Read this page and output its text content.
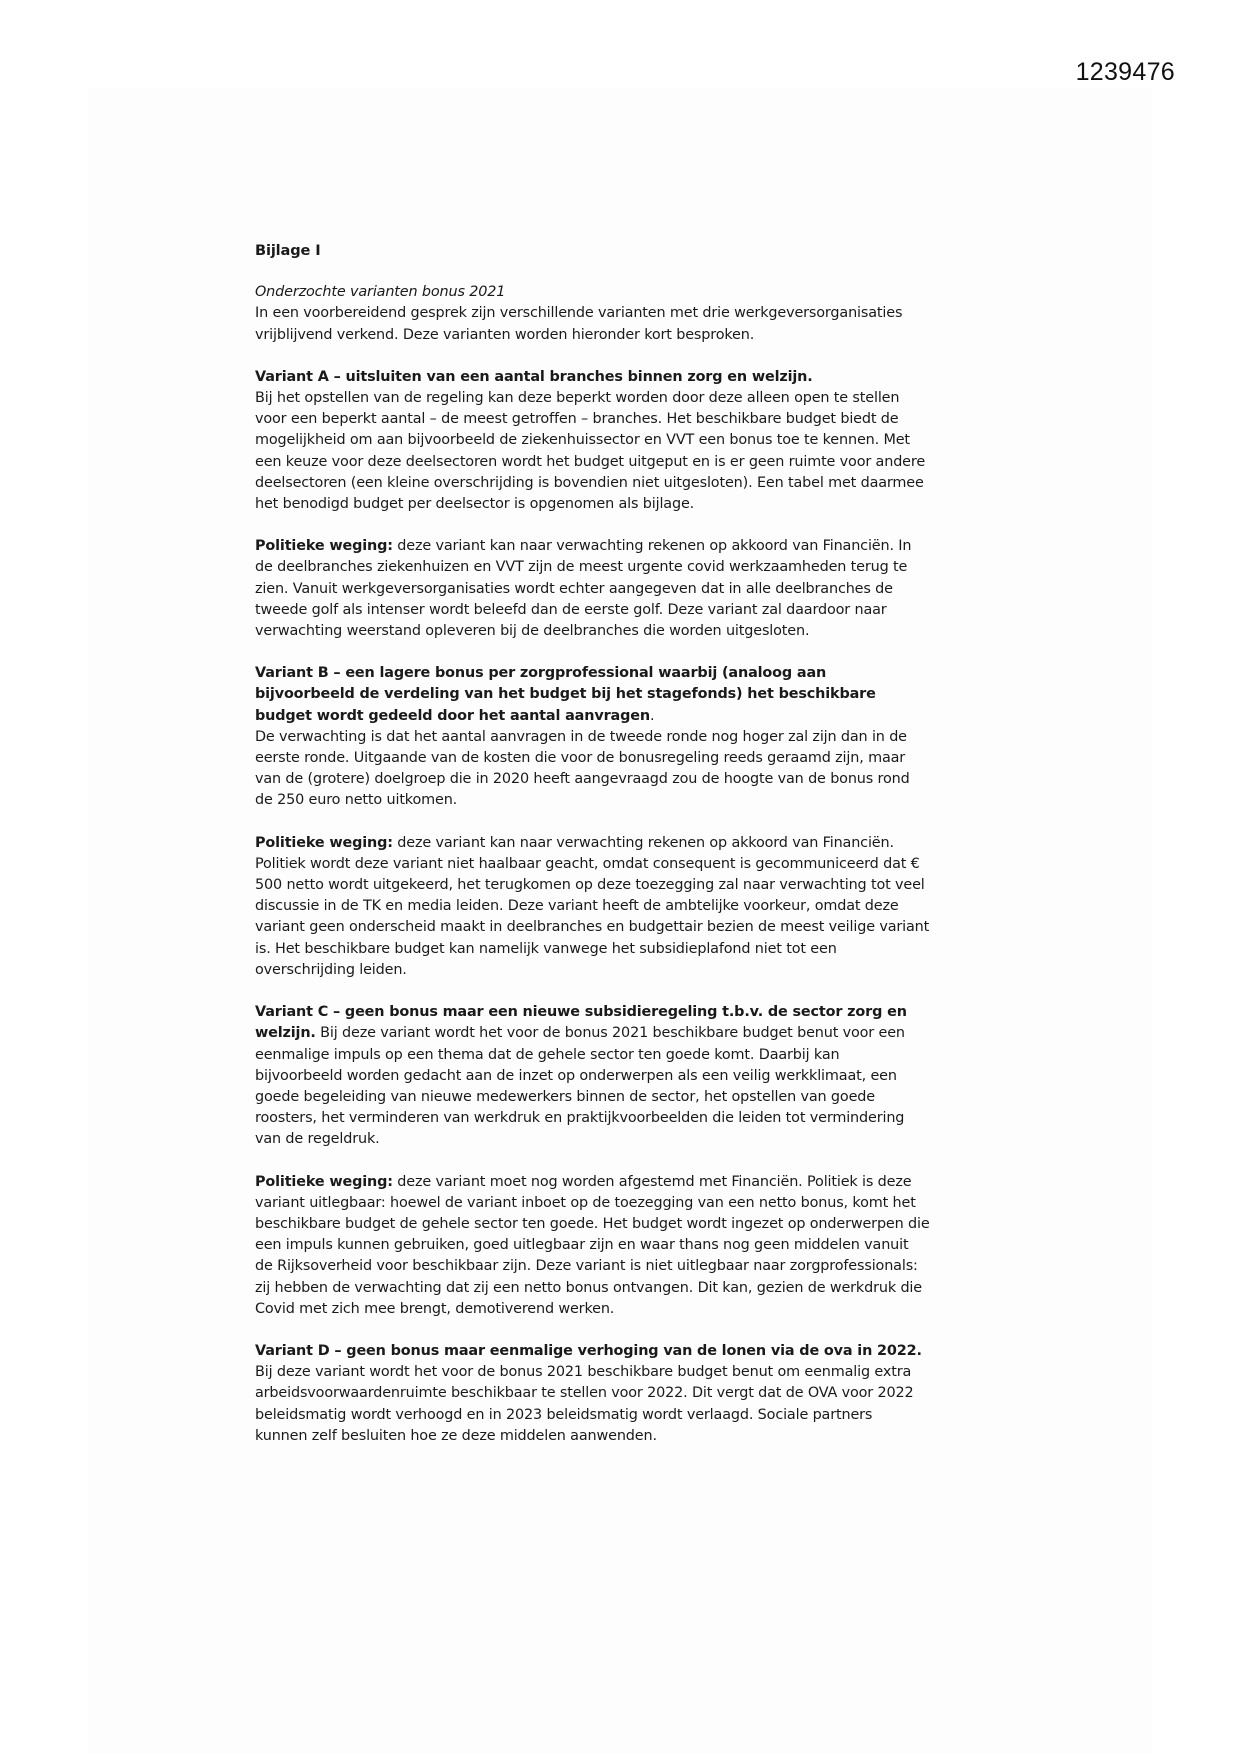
1239476
Bijlage I
Onderzochte varianten bonus 2021
In een voorbereidend gesprek zijn verschillende varianten met drie werkgeversorganisaties
vrijblijvend verkend. Deze varianten worden hieronder kort besproken.
Variant A – uitsluiten van een aantal branches binnen zorg en welzijn.
Bij het opstellen van de regeling kan deze beperkt worden door deze alleen open te stellen
voor een beperkt aantal – de meest getroffen – branches. Het beschikbare budget biedt de
mogelijkheid om aan bijvoorbeeld de ziekenhuissector en VVT een bonus toe te kennen. Met
een keuze voor deze deelsectoren wordt het budget uitgeput en is er geen ruimte voor andere
deelsectoren (een kleine overschrijding is bovendien niet uitgesloten). Een tabel met daarmee
het benodigd budget per deelsector is opgenomen als bijlage.
Politieke weging: deze variant kan naar verwachting rekenen op akkoord van Financiën. In
de deelbranches ziekenhuizen en VVT zijn de meest urgente covid werkzaamheden terug te
zien. Vanuit werkgeversorganisaties wordt echter aangegeven dat in alle deelbranches de
tweede golf als intenser wordt beleefd dan de eerste golf. Deze variant zal daardoor naar
verwachting weerstand opleveren bij de deelbranches die worden uitgesloten.
Variant B – een lagere bonus per zorgprofessional waarbij (analoog aan
bijvoorbeeld de verdeling van het budget bij het stagefonds) het beschikbare
budget wordt gedeeld door het aantal aanvragen.
De verwachting is dat het aantal aanvragen in de tweede ronde nog hoger zal zijn dan in de
eerste ronde. Uitgaande van de kosten die voor de bonusregeling reeds geraamd zijn, maar
van de (grotere) doelgroep die in 2020 heeft aangevraagd zou de hoogte van de bonus rond
de 250 euro netto uitkomen.
Politieke weging: deze variant kan naar verwachting rekenen op akkoord van Financiën.
Politiek wordt deze variant niet haalbaar geacht, omdat consequent is gecommuniceerd dat €
500 netto wordt uitgekeerd, het terugkomen op deze toezegging zal naar verwachting tot veel
discussie in de TK en media leiden. Deze variant heeft de ambtelijke voorkeur, omdat deze
variant geen onderscheid maakt in deelbranches en budgettair bezien de meest veilige variant
is. Het beschikbare budget kan namelijk vanwege het subsidieplafond niet tot een
overschrijding leiden.
Variant C – geen bonus maar een nieuwe subsidieregeling t.b.v. de sector zorg en
welzijn. Bij deze variant wordt het voor de bonus 2021 beschikbare budget benut voor een
eenmalige impuls op een thema dat de gehele sector ten goede komt. Daarbij kan
bijvoorbeeld worden gedacht aan de inzet op onderwerpen als een veilig werkklimaat, een
goede begeleiding van nieuwe medewerkers binnen de sector, het opstellen van goede
roosters, het verminderen van werkdruk en praktijkvoorbeelden die leiden tot vermindering
van de regeldruk.
Politieke weging: deze variant moet nog worden afgestemd met Financiën. Politiek is deze
variant uitlegbaar: hoewel de variant inboet op de toezegging van een netto bonus, komt het
beschikbare budget de gehele sector ten goede. Het budget wordt ingezet op onderwerpen die
een impuls kunnen gebruiken, goed uitlegbaar zijn en waar thans nog geen middelen vanuit
de Rijksoverheid voor beschikbaar zijn. Deze variant is niet uitlegbaar naar zorgprofessionals:
zij hebben de verwachting dat zij een netto bonus ontvangen. Dit kan, gezien de werkdruk die
Covid met zich mee brengt, demotiverend werken.
Variant D – geen bonus maar eenmalige verhoging van de lonen via de ova in 2022.
Bij deze variant wordt het voor de bonus 2021 beschikbare budget benut om eenmalig extra
arbeidsvoorwaardenruimte beschikbaar te stellen voor 2022. Dit vergt dat de OVA voor 2022
beleidsmatig wordt verhoogd en in 2023 beleidsmatig wordt verlaagd. Sociale partners
kunnen zelf besluiten hoe ze deze middelen aanwenden.
